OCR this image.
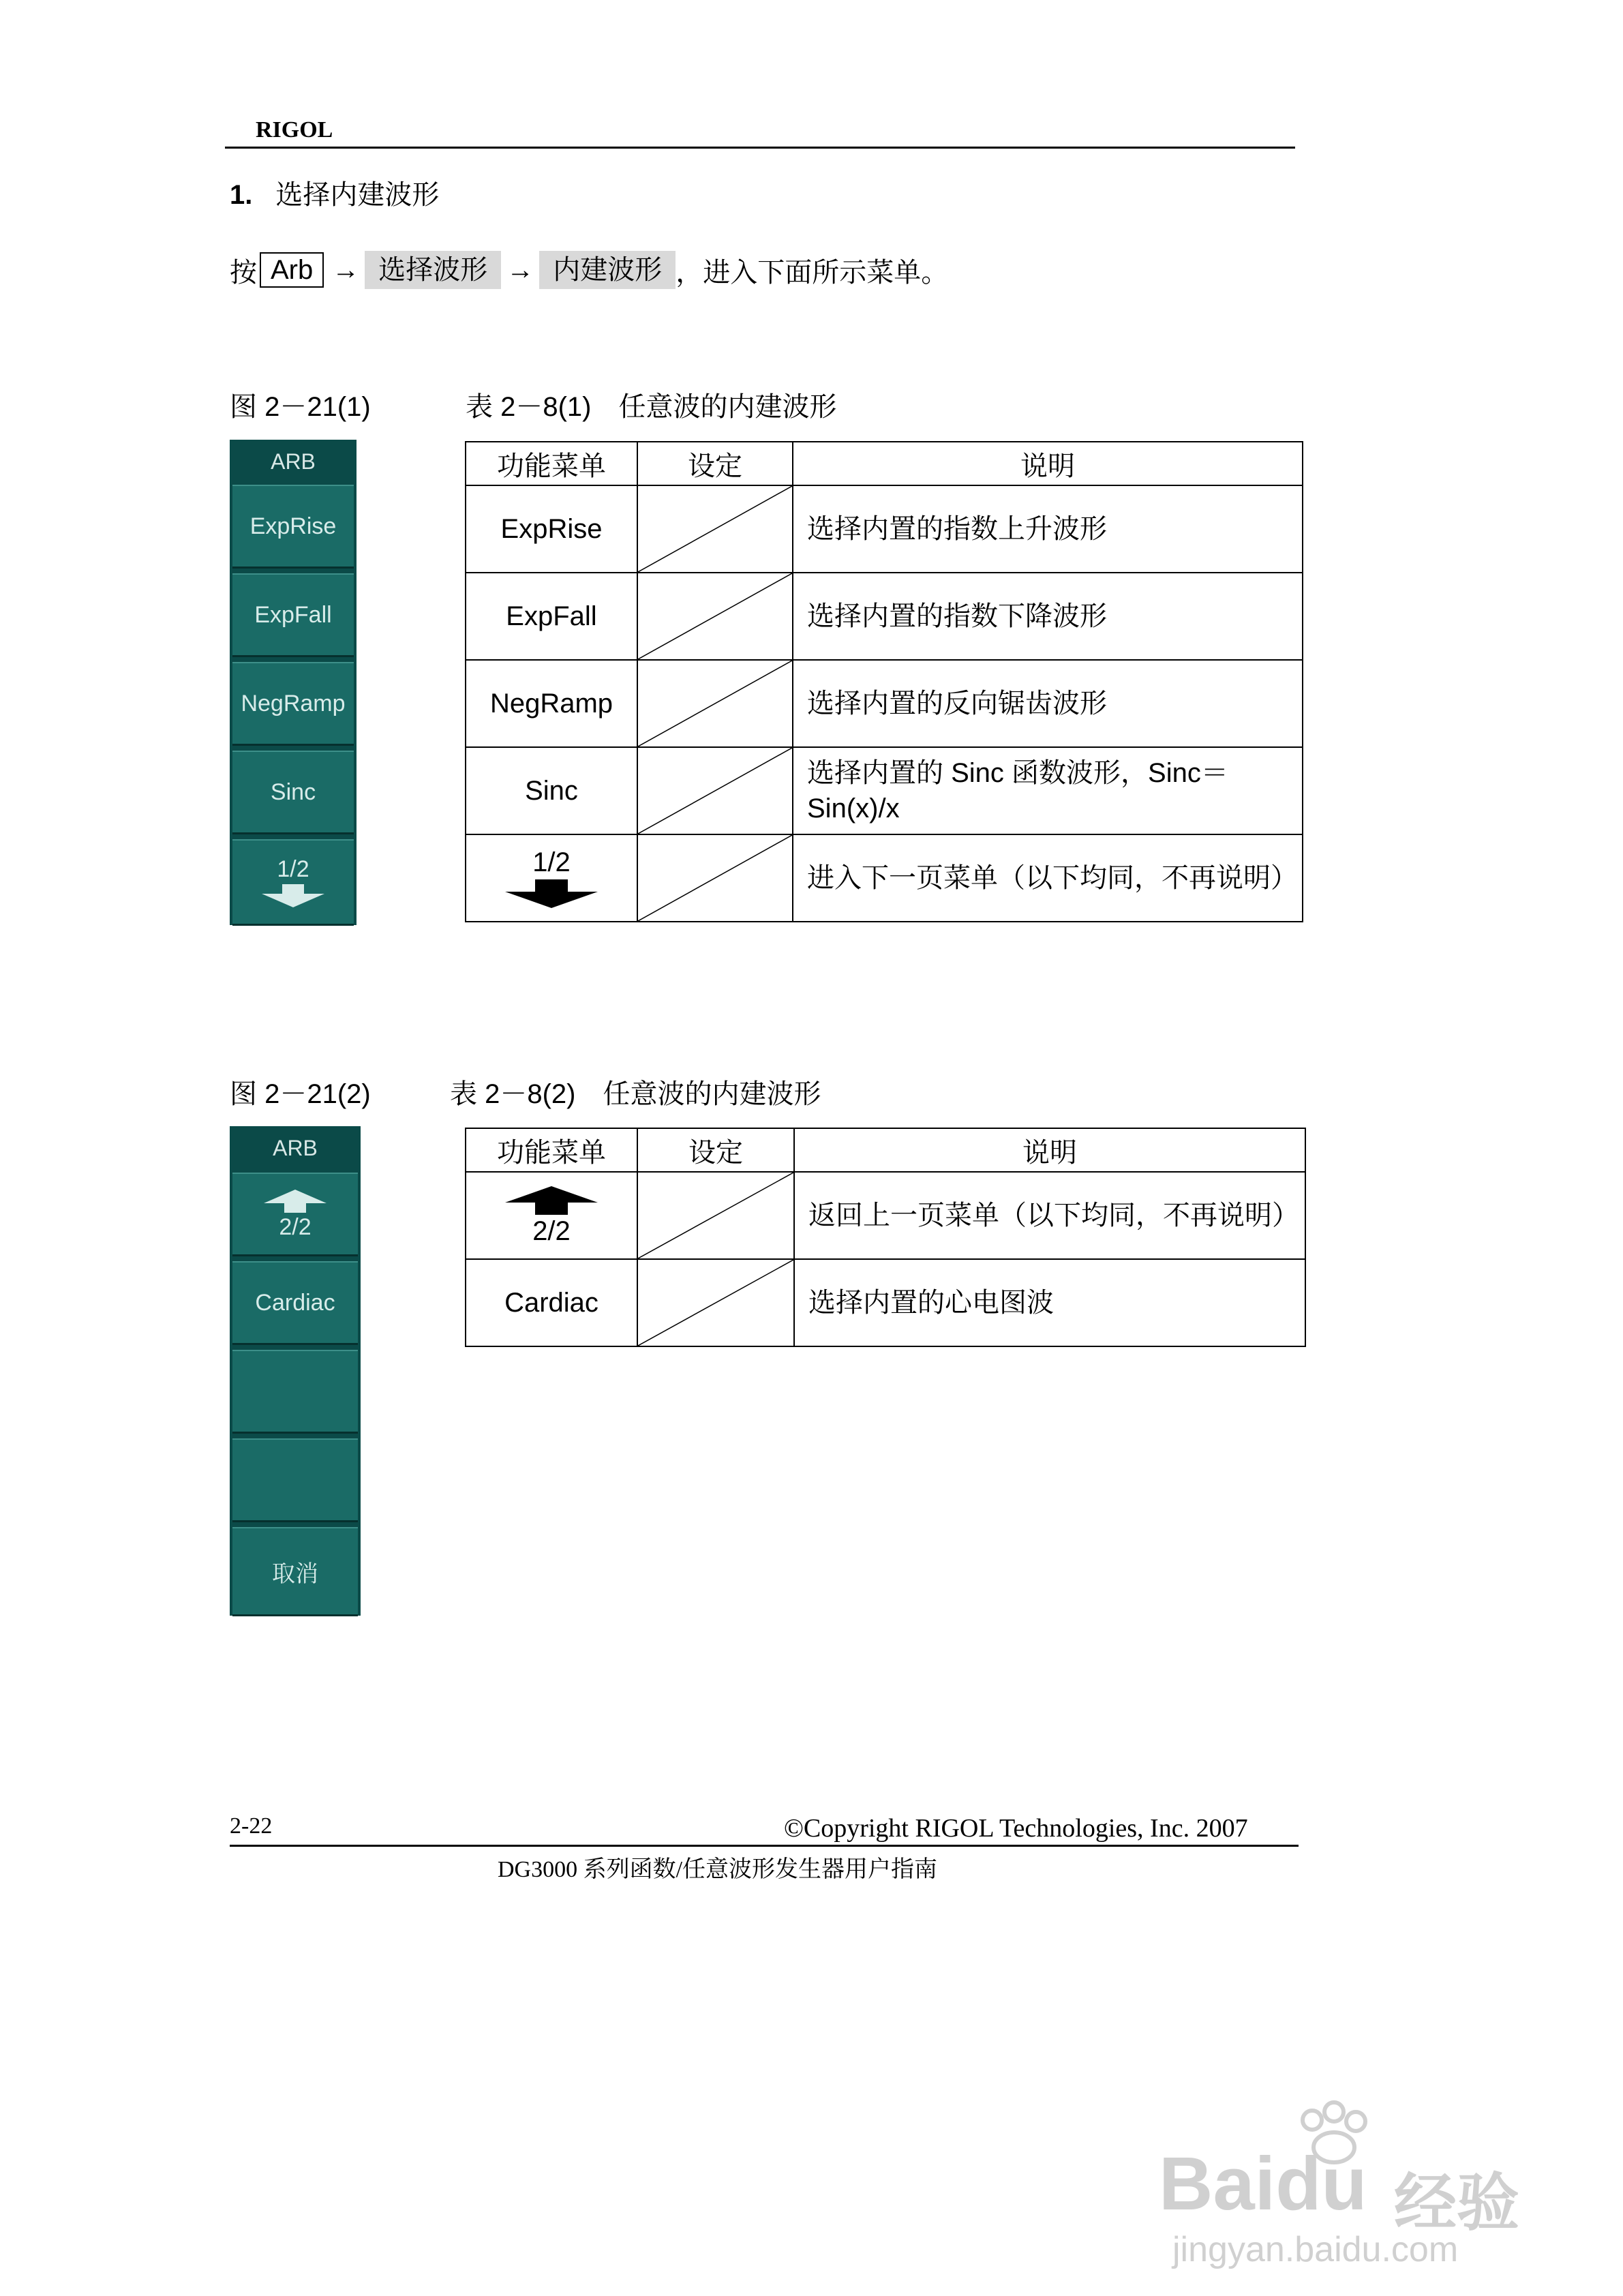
RIGOL
1. 选择内建波形
按 Arb → 选择波形 → 内建波形 ，进入下面所示菜单。
图 2－21(1)	表 2－8(1)　任意波的内建波形
ARB
ExpRise
ExpFall
NegRamp
Sinc
1/2
功能菜单	设定	说明
ExpRise		选择内置的指数上升波形
ExpFall		选择内置的指数下降波形
NegRamp		选择内置的反向锯齿波形
Sinc		选择内置的 Sinc 函数波形，Sinc＝Sin(x)/x

1/2		进入下一页菜单（以下均同，不再说明）
图 2－21(2)	表 2－8(2)　任意波的内建波形
ARB
2/2
Cardiac
取消
功能菜单	设定	说明

2/2		返回上一页菜单（以下均同，不再说明）
Cardiac		选择内置的心电图波
2-22	©Copyright RIGOL Technologies, Inc. 2007
DG3000 系列函数/任意波形发生器用户指南
Baidu 经验
jingyan.baidu.com
